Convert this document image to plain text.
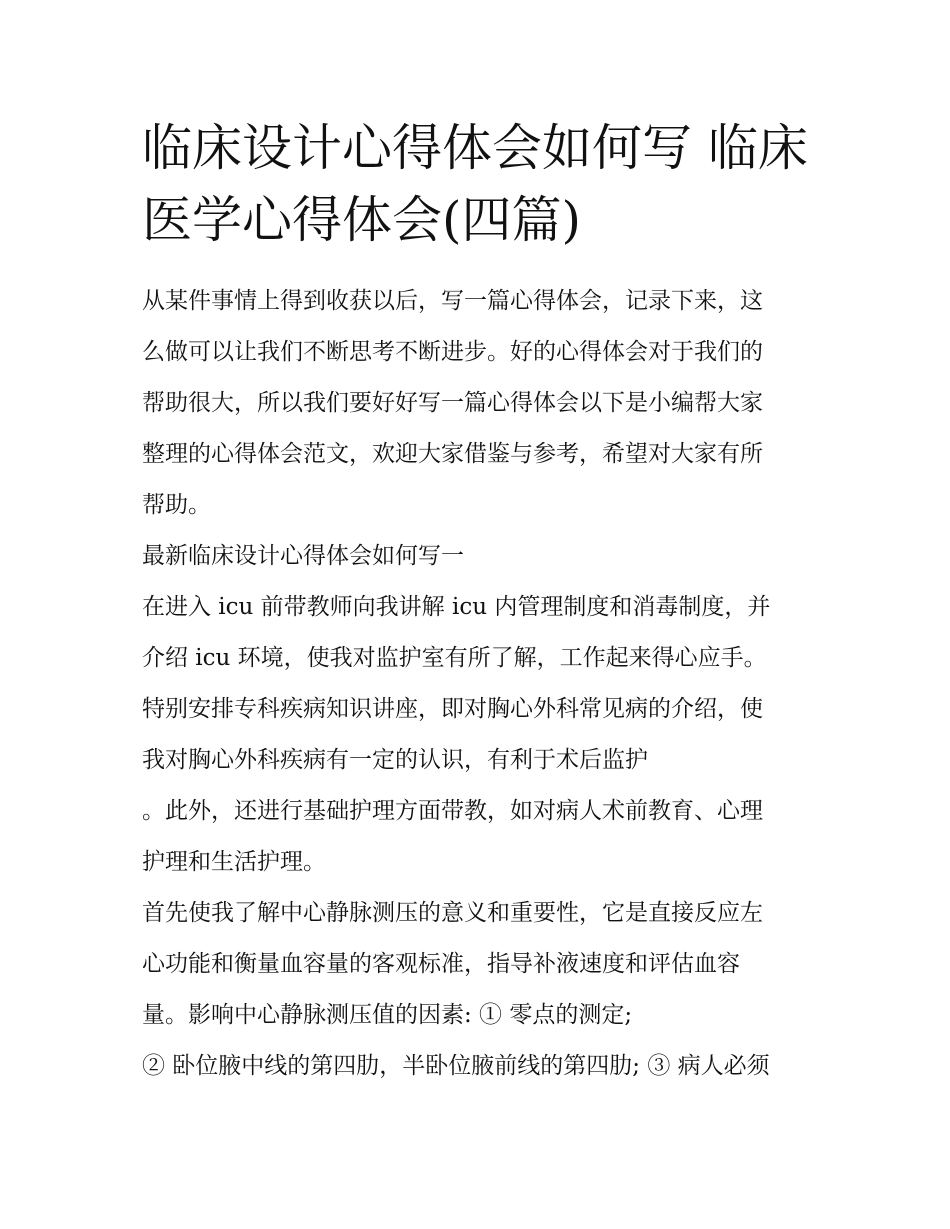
临床设计心得体会如何写 临床
医学心得体会(四篇)

从某件事情上得到收获以后，写一篇心得体会，记录下来，这
么做可以让我们不断思考不断进步。好的心得体会对于我们的
帮助很大，所以我们要好好写一篇心得体会以下是小编帮大家
整理的心得体会范文，欢迎大家借鉴与参考，希望对大家有所
帮助。

最新临床设计心得体会如何写一

在进入 icu 前带教师向我讲解 icu 内管理制度和消毒制度，并
介绍 icu 环境，使我对监护室有所了解，工作起来得心应手。
特别安排专科疾病知识讲座，即对胸心外科常见病的介绍，使
我对胸心外科疾病有一定的认识，有利于术后监护
。此外，还进行基础护理方面带教，如对病人术前教育、心理
护理和生活护理。

首先使我了解中心静脉测压的意义和重要性，它是直接反应左
心功能和衡量血容量的客观标准，指导补液速度和评估血容
量。影响中心静脉测压值的因素: ① 零点的测定;

② 卧位腋中线的第四肋，半卧位腋前线的第四肋; ③ 病人必须
